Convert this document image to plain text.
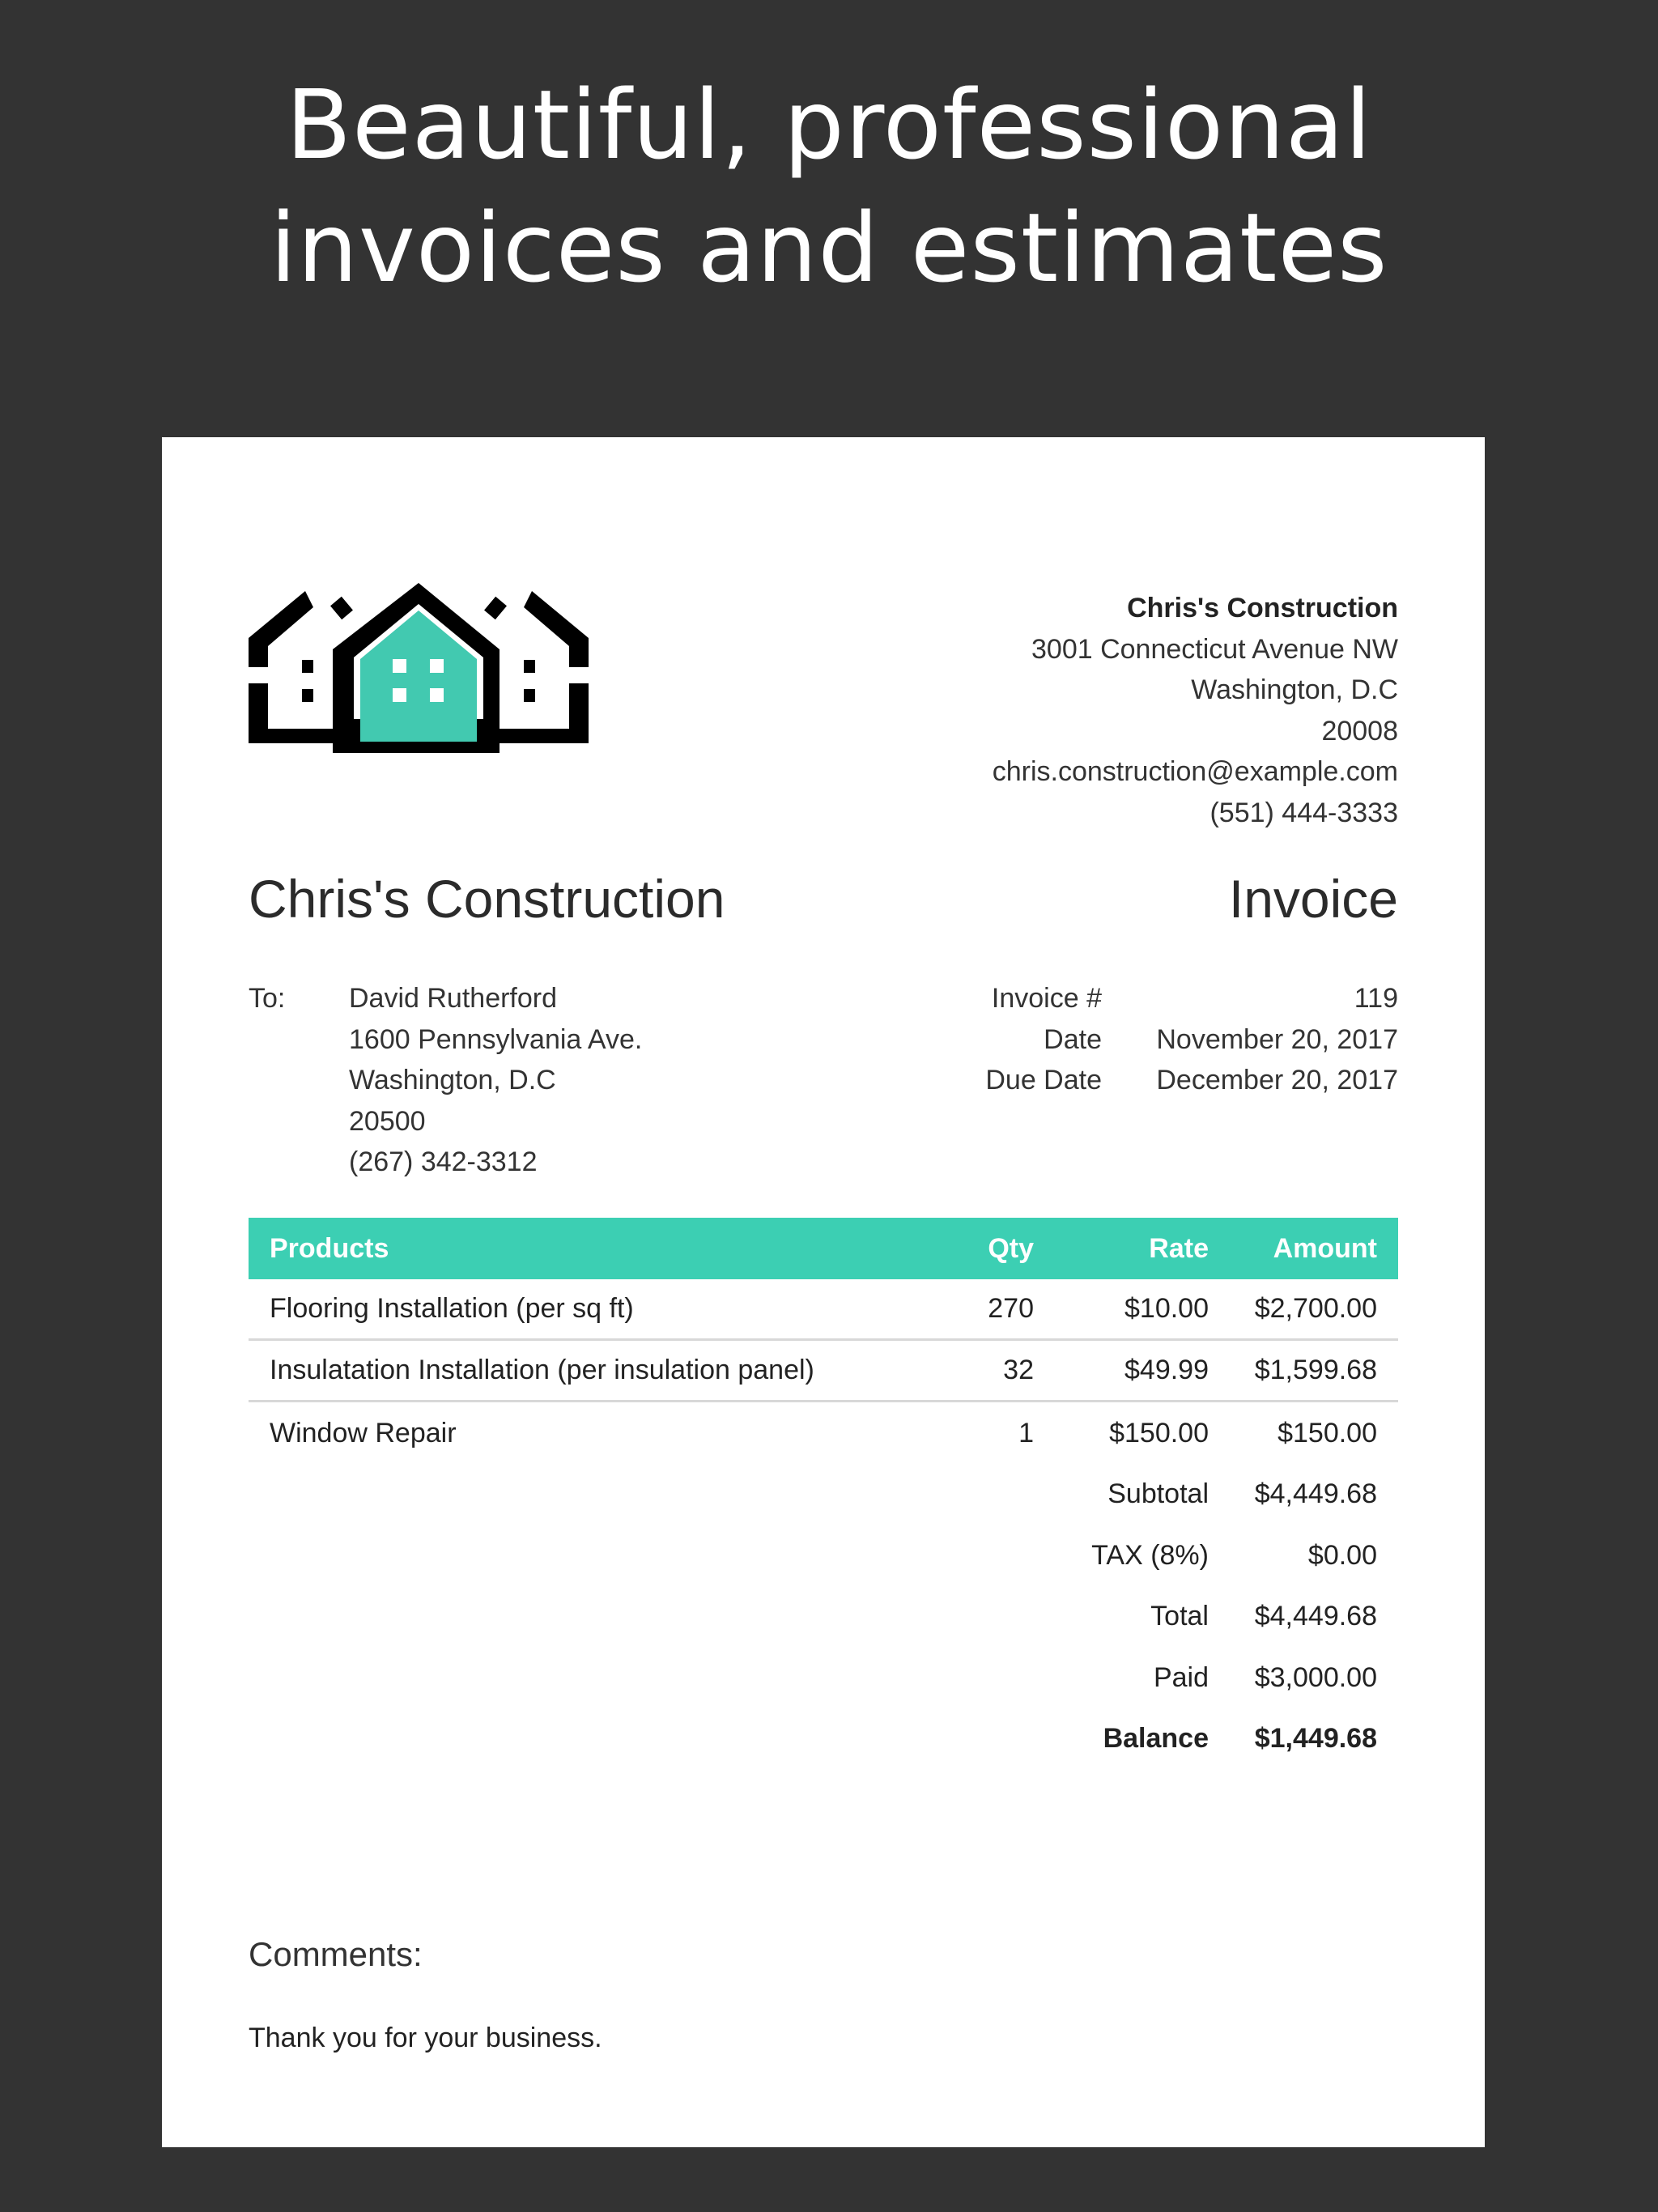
Beautiful, professional
invoices and estimates
Chris's Construction
3001 Connecticut Avenue NW
Washington, D.C
20008
chris.construction@example.com
(551) 444-3333
Chris's Construction	Invoice
To: David Rutherford
1600 Pennsylvania Ave.
Washington, D.C
20500
(267) 342-3312
Invoice #	119
Date	November 20, 2017
Due Date	December 20, 2017
Products	Qty	Rate	Amount
Flooring Installation (per sq ft)	270	$10.00	$2,700.00
Insulatation Installation (per insulation panel)	32	$49.99	$1,599.68
Window Repair	1	$150.00	$150.00
Subtotal	$4,449.68
TAX (8%)	$0.00
Total	$4,449.68
Paid	$3,000.00
Balance	$1,449.68
Comments:
Thank you for your business.
